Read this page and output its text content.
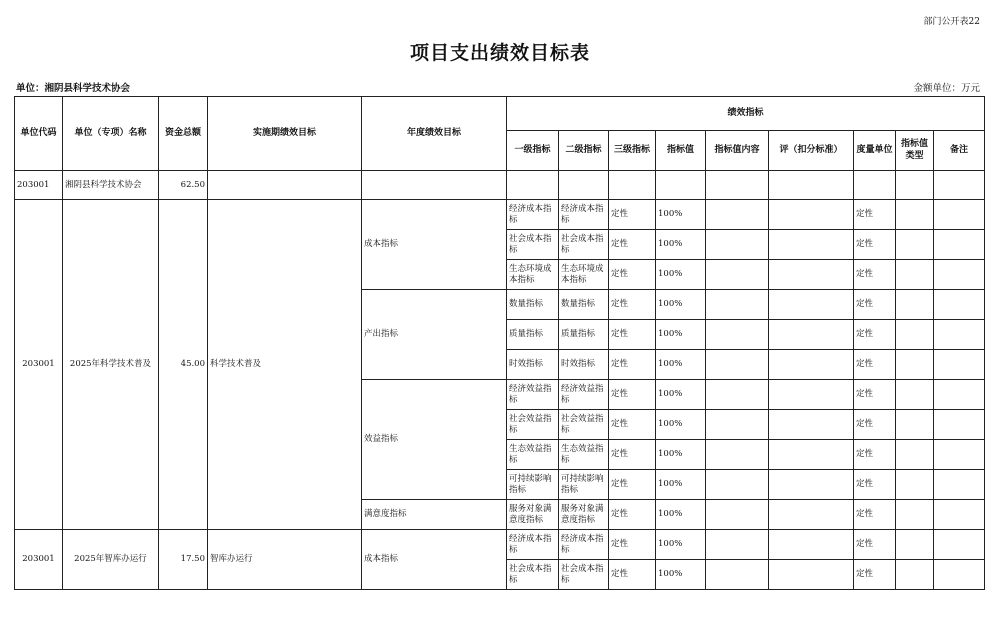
部门公开表22
项目支出绩效目标表
单位：湘阴县科学技术协会	金额单位：万元
单位代码	单位（专项）名称	资金总额	实施期绩效目标	年度绩效目标	绩效指标								
					一级指标	二级指标	三级指标	指标值	指标值内容	评（扣分标准）	度量单位	指标值类型	备注
203001	湘阴县科学技术协会	62.50											
203001	2025年科学技术普及	45.00	科学技术普及	成本指标	经济成本指标	经济成本指标	定性	100%			定性		
					社会成本指标	社会成本指标	定性	100%			定性		
					生态环境成本指标	生态环境成本指标	定性	100%			定性		
				产出指标	数量指标	数量指标	定性	100%			定性		
					质量指标	质量指标	定性	100%			定性		
					时效指标	时效指标	定性	100%			定性		
				效益指标	经济效益指标	经济效益指标	定性	100%			定性		
					社会效益指标	社会效益指标	定性	100%			定性		
					生态效益指标	生态效益指标	定性	100%			定性		
					可持续影响指标	可持续影响指标	定性	100%			定性		
				满意度指标	服务对象满意度指标	服务对象满意度指标	定性	100%			定性		
203001	2025年智库办运行	17.50	智库办运行	成本指标	经济成本指标	经济成本指标	定性	100%			定性		
					社会成本指标	社会成本指标	定性	100%			定性		
